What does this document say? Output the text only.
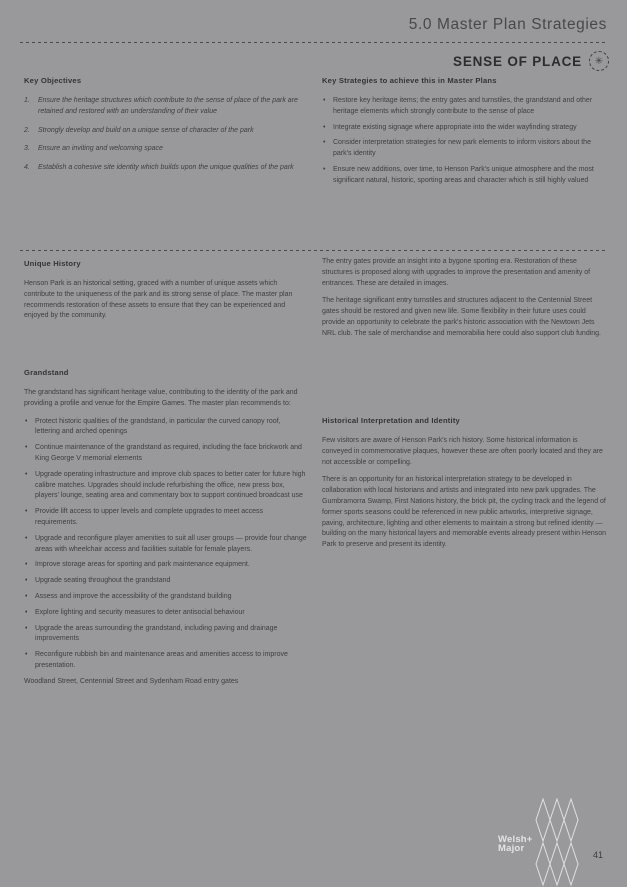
5.0 Master Plan Strategies
SENSE OF PLACE	✳
Key Objectives
1.	Ensure the heritage structures which contribute to the sense of place of the park are retained and restored with an understanding of their value
2.	Strongly develop and build on a unique sense of character of the park
3.	Ensure an inviting and welcoming space
4.	Establish a cohesive site identity which builds upon the unique qualities of the park
Key Strategies to achieve this in Master Plans
• Restore key heritage items; the entry gates and turnstiles, the grandstand and other heritage elements which strongly contribute to the sense of place
• Integrate existing signage where appropriate into the wider wayfinding strategy
• Consider interpretation strategies for new park elements to inform visitors about the park's identity
• Ensure new additions, over time, to Henson Park's unique atmosphere and the most significant natural, historic, sporting areas and character which is still highly valued
Unique History

Henson Park is an historical setting, graced with a number of unique assets which contribute to the uniqueness of the park and its strong sense of place. The master plan recommends restoration of these assets to ensure that they can be experienced and enjoyed by the community.

Grandstand

The grandstand has significant heritage value, contributing to the identity of the park and providing a profile and venue for the Empire Games. The master plan recommends to:

• Protect historic qualities of the grandstand, in particular the curved canopy roof, lettering and arched openings
• Continue maintenance of the grandstand as required, including the face brickwork and King George V memorial elements
• Upgrade operating infrastructure and improve club spaces to better cater for future high calibre matches. Upgrades should include refurbishing the office, new press box, players' lounge, seating area and commentary box to support continued broadcast use
• Provide lift access to upper levels and complete upgrades to meet access requirements.
• Upgrade and reconfigure player amenities to suit all user groups — provide four change areas with wheelchair access and facilities suitable for female players.
• Improve storage areas for sporting and park maintenance equipment.
• Upgrade seating throughout the grandstand
• Assess and improve the accessibility of the grandstand building
• Explore lighting and security measures to deter antisocial behaviour
• Upgrade the areas surrounding the grandstand, including paving and drainage improvements
• Reconfigure rubbish bin and maintenance areas and amenities access to improve presentation.

Woodland Street, Centennial Street and Sydenham Road entry gates

The entry gates provide an insight into a bygone sporting era. Restoration of these structures is proposed along with upgrades to improve the presentation and amenity of entrances. These are detailed in images.

The heritage significant entry turnstiles and structures adjacent to the Centennial Street gates should be restored and given new life. Some flexibility in their future uses could provide an opportunity to celebrate the park's historic association with the Newtown Jets NRL club. The sale of merchandise and memorabilia here could also support club funding.

Historical Interpretation and Identity

Few visitors are aware of Henson Park's rich history. Some historical information is conveyed in commemorative plaques, however these are often poorly located and they are not accessible or compelling.

There is an opportunity for an historical interpretation strategy to be developed in collaboration with local historians and artists and integrated into new park upgrades. The Gumbramorra Swamp, First Nations history, the brick pit, the cycling track and the legend of former sports seasons could be referenced in new public artworks, interpretive signage, paving, architecture, lighting and other elements to maintain a strong but refined identity — building on the many historical layers and memorable events already present within Henson Park to preserve and present its identity.

Welsh+
Major
41
